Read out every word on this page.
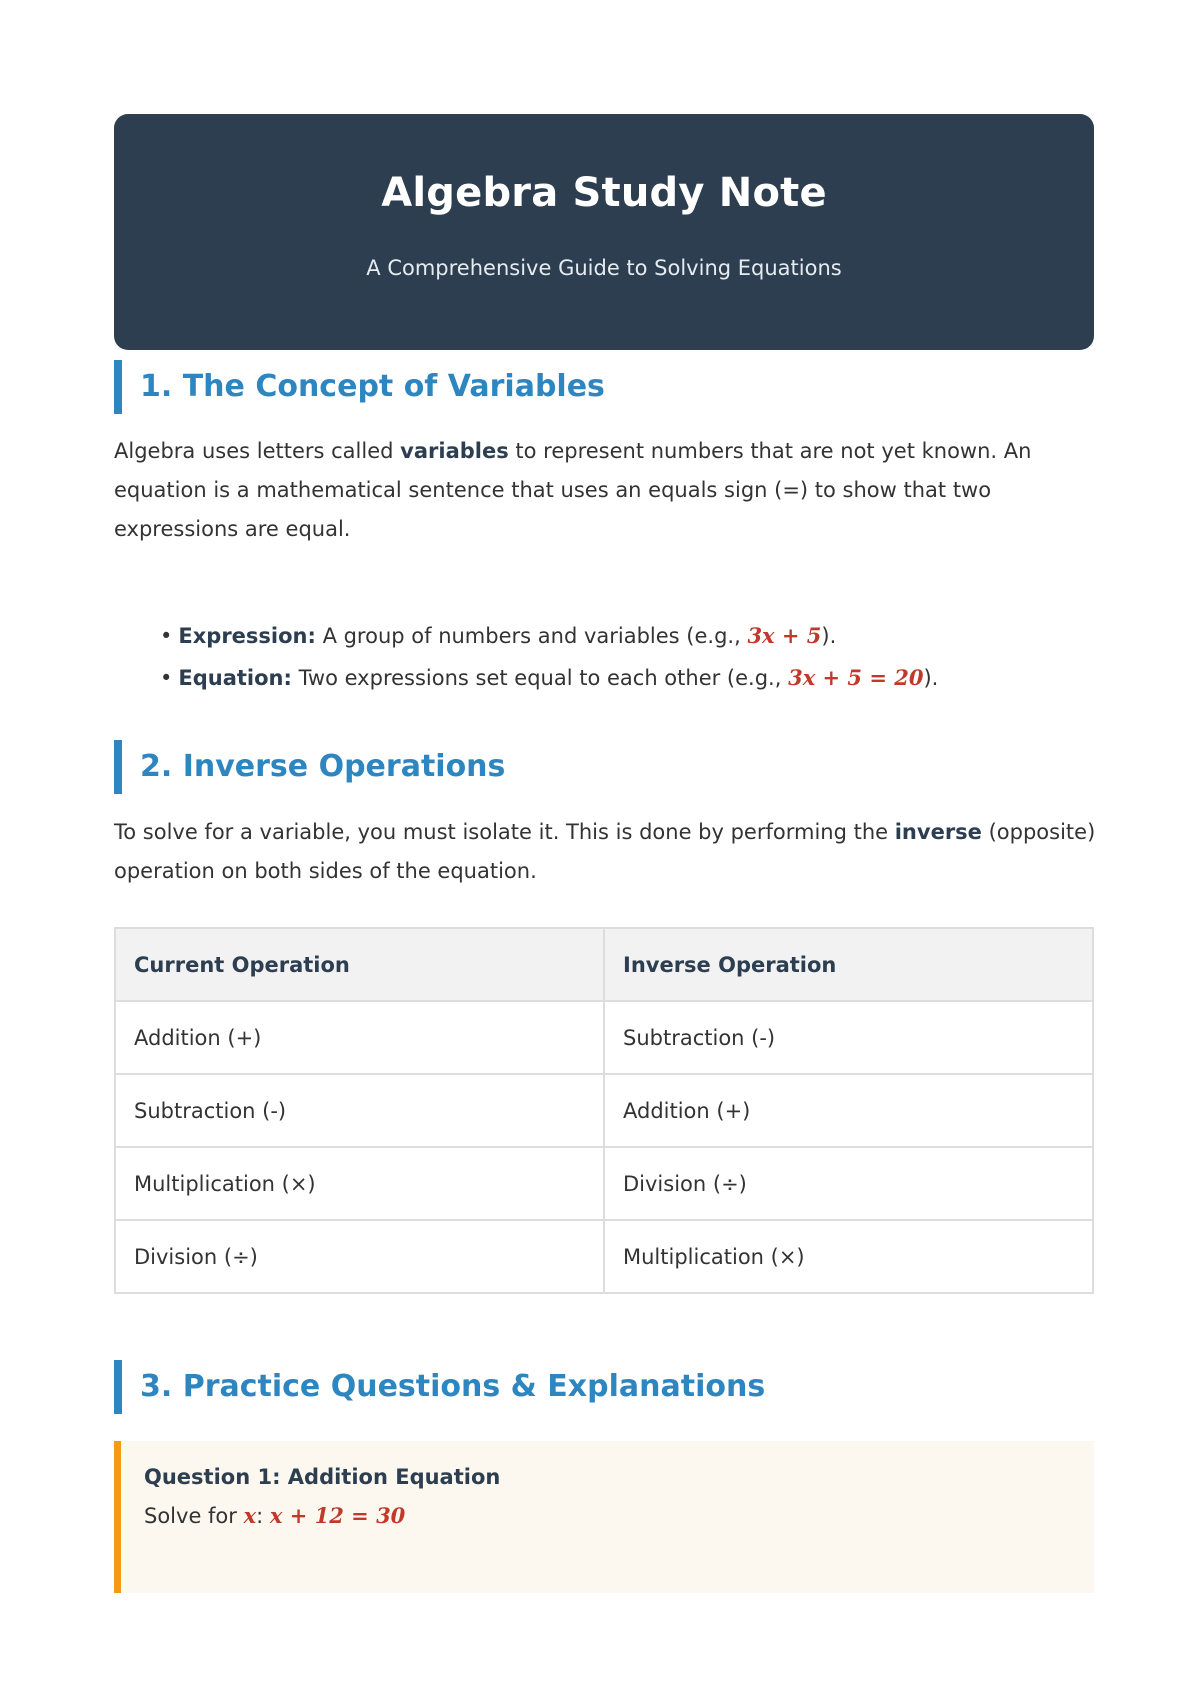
Algebra Study Note

A Comprehensive Guide to Solving Equations

1. The Concept of Variables
Algebra uses letters called variables to represent numbers that are not yet known. An equation is a mathematical sentence that uses an equals sign (=) to show that two expressions are equal.
• Expression: A group of numbers and variables (e.g., 3x + 5).
• Equation: Two expressions set equal to each other (e.g., 3x + 5 = 20).
2. Inverse Operations
To solve for a variable, you must isolate it. This is done by performing the inverse (opposite) operation on both sides of the equation.
Current Operation	Inverse Operation
Addition (+)	Subtraction (-)
Subtraction (-)	Addition (+)
Multiplication (×)	Division (÷)
Division (÷)	Multiplication (×)
3. Practice Questions & Explanations
Question 1: Addition Equation
Solve for x: x + 12 = 30
